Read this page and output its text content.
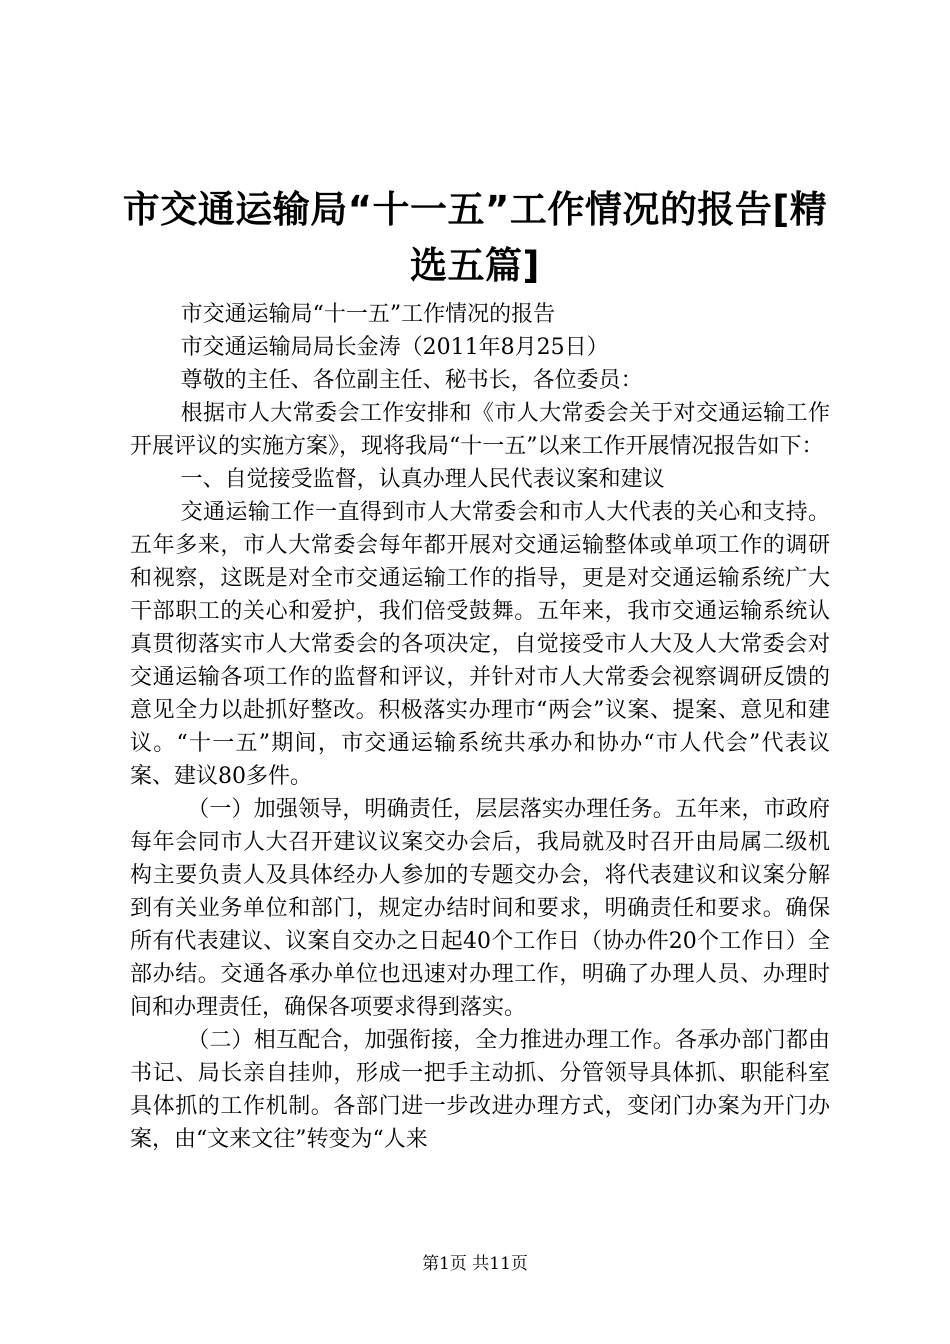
市交通运输局“十一五”工作情况的报告[精选五篇]

市交通运输局“十一五”工作情况的报告

市交通运输局局长金涛（2011年8月25日）

尊敬的主任、各位副主任、秘书长，各位委员：

根据市人大常委会工作安排和《市人大常委会关于对交通运输工作开展评议的实施方案》，现将我局“十一五”以来工作开展情况报告如下：

一、自觉接受监督，认真办理人民代表议案和建议

交通运输工作一直得到市人大常委会和市人大代表的关心和支持。五年多来，市人大常委会每年都开展对交通运输整体或单项工作的调研和视察，这既是对全市交通运输工作的指导，更是对交通运输系统广大干部职工的关心和爱护，我们倍受鼓舞。五年来，我市交通运输系统认真贯彻落实市人大常委会的各项决定，自觉接受市人大及人大常委会对交通运输各项工作的监督和评议，并针对市人大常委会视察调研反馈的意见全力以赴抓好整改。积极落实办理市“两会”议案、提案、意见和建议。“十一五”期间，市交通运输系统共承办和协办“市人代会”代表议案、建议80多件。

（一）加强领导，明确责任，层层落实办理任务。五年来，市政府每年会同市人大召开建议议案交办会后，我局就及时召开由局属二级机构主要负责人及具体经办人参加的专题交办会，将代表建议和议案分解到有关业务单位和部门，规定办结时间和要求，明确责任和要求。确保所有代表建议、议案自交办之日起40个工作日（协办件20个工作日）全部办结。交通各承办单位也迅速对办理工作，明确了办理人员、办理时间和办理责任，确保各项要求得到落实。

（二）相互配合，加强衔接，全力推进办理工作。各承办部门都由书记、局长亲自挂帅，形成一把手主动抓、分管领导具体抓、职能科室具体抓的工作机制。各部门进一步改进办理方式，变闭门办案为开门办案，由“文来文往”转变为“人来

第1页 共11页
